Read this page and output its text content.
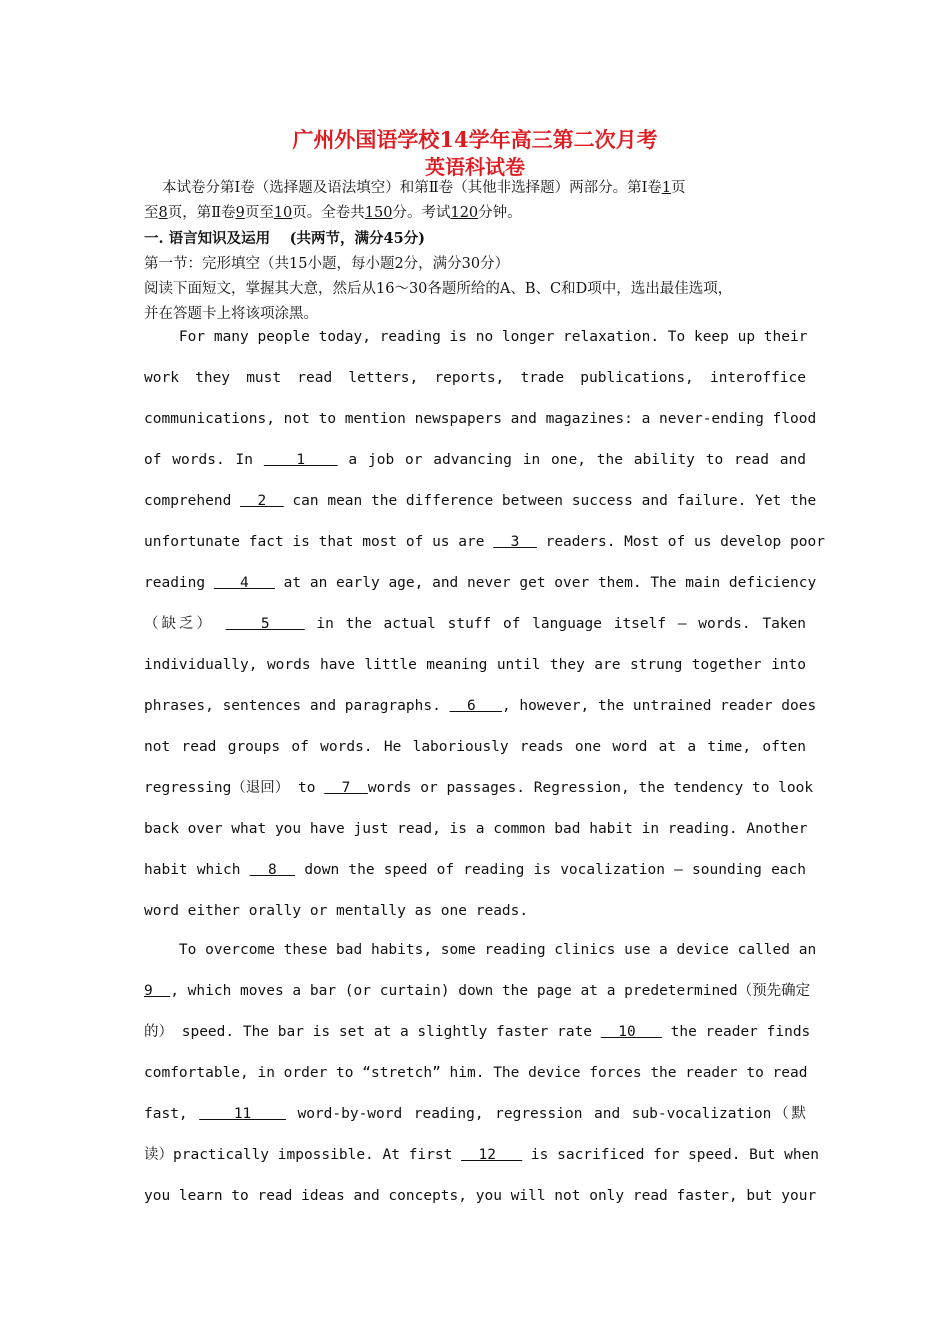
广州外国语学校14学年高三第二次月考
英语科试卷
本试卷分第Ⅰ卷（选择题及语法填空）和第Ⅱ卷（其他非选择题）两部分。第Ⅰ卷1页
至8页，第Ⅱ卷9页至10页。全卷共150分。考试120分钟。
一. 语言知识及运用　 (共两节，满分45分)
第一节：完形填空（共15小题，每小题2分，满分30分）
阅读下面短文，掌握其大意，然后从16～30各题所给的A、B、C和D项中，选出最佳选项，
并在答题卡上将该项涂黑。
For many people today, reading is no longer relaxation. To keep up their
work they must read letters, reports, trade publications, interoffice
communications, not to mention newspapers and magazines: a never-ending flood
of words. In    1    a job or advancing in one, the ability to read and
comprehend   2   can mean the difference between success and failure. Yet the
unfortunate fact is that most of us are   3   readers. Most of us develop poor
reading    4    at an early age, and never get over them. The main deficiency
（缺乏）    5    in the actual stuff of language itself — words. Taken
individually, words have little meaning until they are strung together into
phrases, sentences and paragraphs.   6   , however, the untrained reader does
not read groups of words. He laboriously reads one word at a time, often
regressing（退回） to   7  words or passages. Regression, the tendency to look
back over what you have just read, is a common bad habit in reading. Another
habit which   8   down the speed of reading is vocalization — sounding each
word either orally or mentally as one reads.
To overcome these bad habits, some reading clinics use a device called an
9  , which moves a bar (or curtain) down the page at a predetermined（预先确定
的） speed. The bar is set at a slightly faster rate   10    the reader finds
comfortable, in order to “stretch” him. The device forces the reader to read
fast,    11    word-by-word reading, regression and sub-vocalization（默
读）practically impossible. At first   12    is sacrificed for speed. But when
you learn to read ideas and concepts, you will not only read faster, but your
